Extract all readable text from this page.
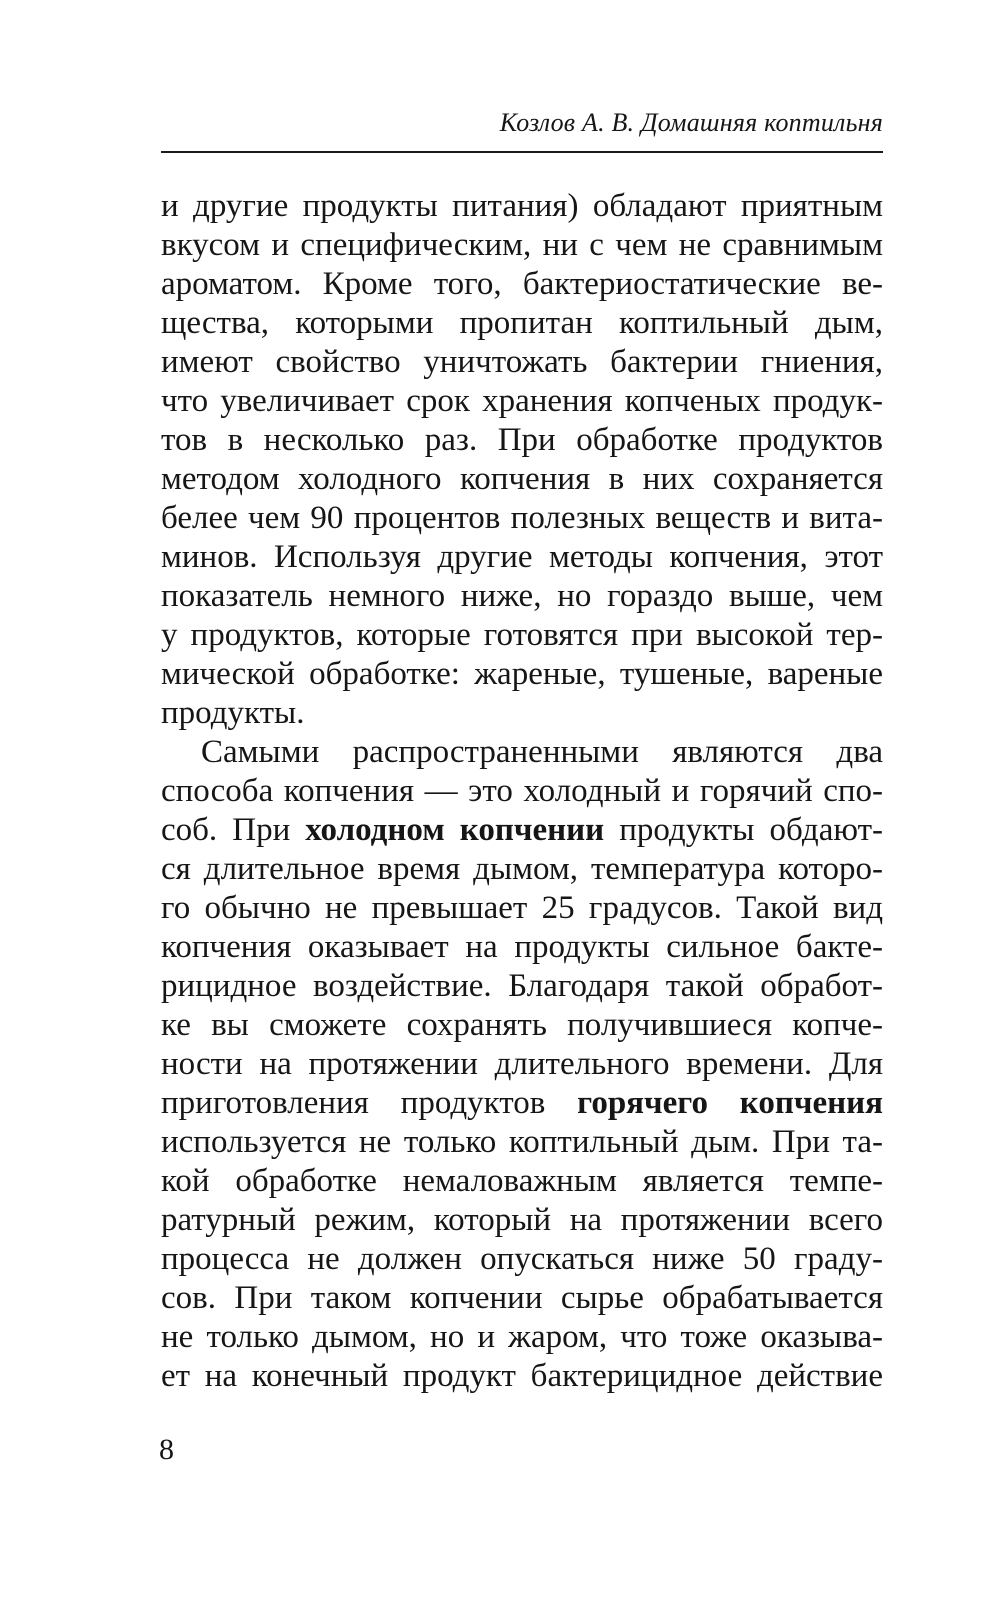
Козлов А. В. Домашняя коптильня
и другие продукты питания) обладают приятным
вкусом и специфическим, ни с чем не сравнимым
ароматом. Кроме того, бактериостатические ве-
щества, которыми пропитан коптильный дым,
имеют свойство уничтожать бактерии гниения,
что увеличивает срок хранения копченых продук-
тов в несколько раз. При обработке продуктов
методом холодного копчения в них сохраняется
белее чем 90 процентов полезных веществ и вита-
минов. Используя другие методы копчения, этот
показатель немного ниже, но гораздо выше, чем
у продуктов, которые готовятся при высокой тер-
мической обработке: жареные, тушеные, вареные
продукты.
Самыми распространенными являются два
способа копчения — это холодный и горячий спо-
соб. При холодном копчении продукты обдают-
ся длительное время дымом, температура которо-
го обычно не превышает 25 градусов. Такой вид
копчения оказывает на продукты сильное бакте-
рицидное воздействие. Благодаря такой обработ-
ке вы сможете сохранять получившиеся копче-
ности на протяжении длительного времени. Для
приготовления продуктов горячего копчения
используется не только коптильный дым. При та-
кой обработке немаловажным является темпе-
ратурный режим, который на протяжении всего
процесса не должен опускаться ниже 50 граду-
сов. При таком копчении сырье обрабатывается
не только дымом, но и жаром, что тоже оказыва-
ет на конечный продукт бактерицидное действие
8
